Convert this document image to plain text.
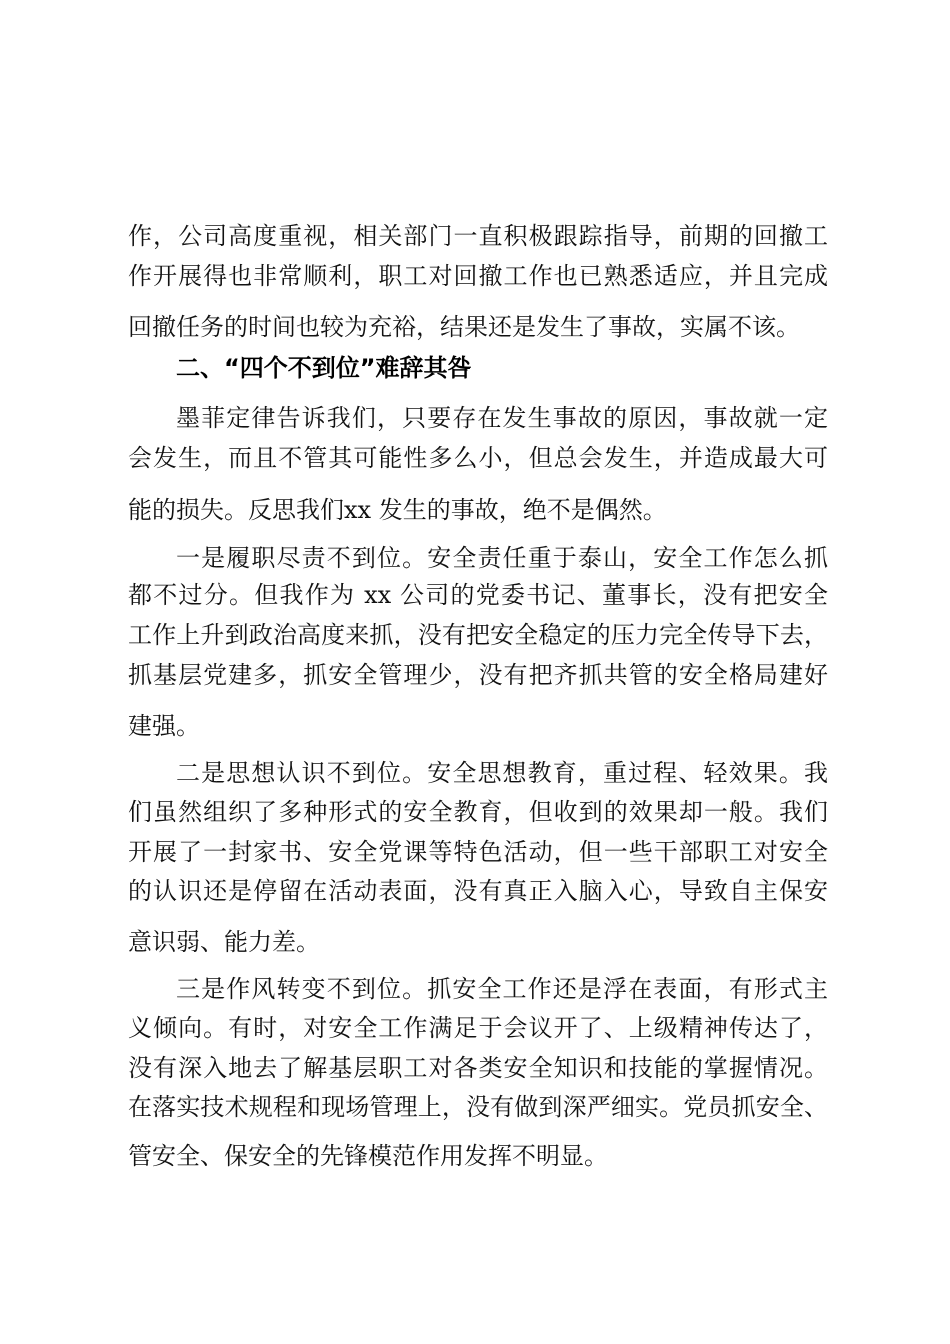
作，公司高度重视，相关部门一直积极跟踪指导，前期的回撤工
作开展得也非常顺利，职工对回撤工作也已熟悉适应，并且完成
回撤任务的时间也较为充裕，结果还是发生了事故，实属不该。
二、“四个不到位”难辞其咎
墨菲定律告诉我们，只要存在发生事故的原因，事故就一定
会发生，而且不管其可能性多么小，但总会发生，并造成最大可
能的损失。反思我们xx 发生的事故，绝不是偶然。
一是履职尽责不到位。安全责任重于泰山，安全工作怎么抓
都不过分。但我作为 xx 公司的党委书记、董事长，没有把安全
工作上升到政治高度来抓，没有把安全稳定的压力完全传导下去，
抓基层党建多，抓安全管理少，没有把齐抓共管的安全格局建好
建强。
二是思想认识不到位。安全思想教育，重过程、轻效果。我
们虽然组织了多种形式的安全教育，但收到的效果却一般。我们
开展了一封家书、安全党课等特色活动，但一些干部职工对安全
的认识还是停留在活动表面，没有真正入脑入心，导致自主保安
意识弱、能力差。
三是作风转变不到位。抓安全工作还是浮在表面，有形式主
义倾向。有时，对安全工作满足于会议开了、上级精神传达了，
没有深入地去了解基层职工对各类安全知识和技能的掌握情况。
在落实技术规程和现场管理上，没有做到深严细实。党员抓安全、
管安全、保安全的先锋模范作用发挥不明显。
